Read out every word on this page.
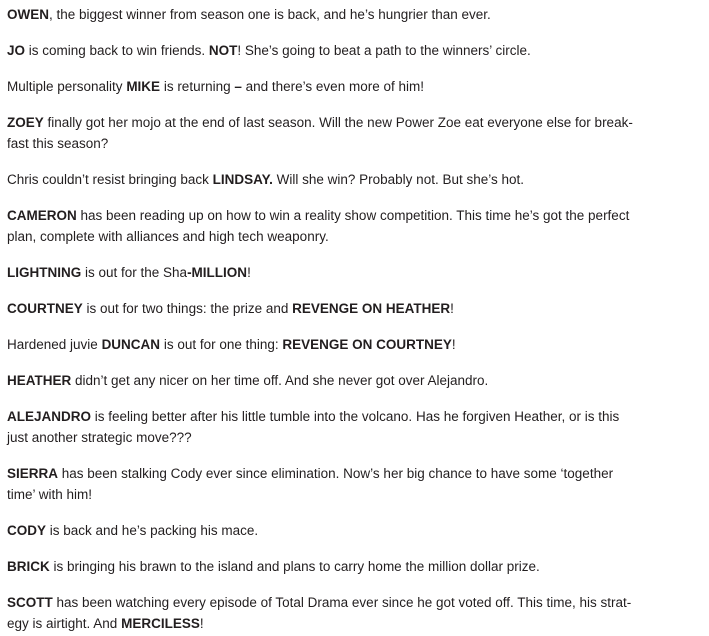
OWEN, the biggest winner from season one is back, and he’s hungrier than ever.

JO is coming back to win friends. NOT! She’s going to beat a path to the winners’ circle.

Multiple personality MIKE is returning – and there’s even more of him!

ZOEY finally got her mojo at the end of last season. Will the new Power Zoe eat everyone else for break-
fast this season?

Chris couldn’t resist bringing back LINDSAY. Will she win? Probably not. But she’s hot.

CAMERON has been reading up on how to win a reality show competition. This time he’s got the perfect
plan, complete with alliances and high tech weaponry.

LIGHTNING is out for the Sha-MILLION!

COURTNEY is out for two things: the prize and REVENGE ON HEATHER!

Hardened juvie DUNCAN is out for one thing: REVENGE ON COURTNEY!

HEATHER didn’t get any nicer on her time off. And she never got over Alejandro.

ALEJANDRO is feeling better after his little tumble into the volcano. Has he forgiven Heather, or is this
just another strategic move???

SIERRA has been stalking Cody ever since elimination. Now’s her big chance to have some ‘together
time’ with him!

CODY is back and he’s packing his mace.

BRICK is bringing his brawn to the island and plans to carry home the million dollar prize.

SCOTT has been watching every episode of Total Drama ever since he got voted off. This time, his strat-
egy is airtight. And MERCILESS!
